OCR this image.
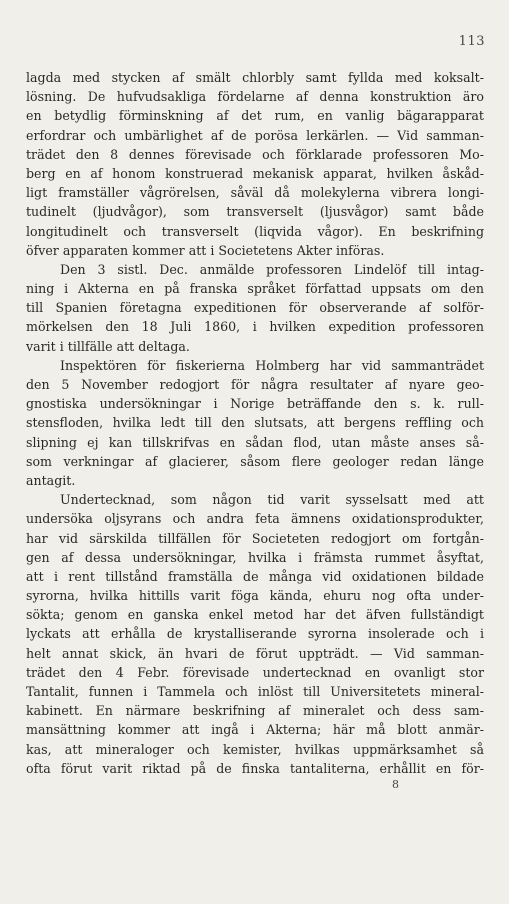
113
lagda med stycken af smält chlorbly samt fyllda med koksalt-
lösning. De hufvudsakliga fördelarne af denna konstruktion äro
en betydlig förminskning af det rum, en vanlig bägarapparat
erfordrar och umbärlighet af de porösa lerkärlen. — Vid samman-
trädet den 8 dennes förevisade och förklarade professoren Mo-
berg en af honom konstruerad mekanisk apparat, hvilken åskåd-
ligt framställer vågrörelsen, såväl då molekylerna vibrera longi-
tudinelt (ljudvågor), som transverselt (ljusvågor) samt både
longitudinelt och transverselt (liqvida vågor). En beskrifning
öfver apparaten kommer att i Societetens Akter införas.
Den 3 sistl. Dec. anmälde professoren Lindelöf till intag-
ning i Akterna en på franska språket författad uppsats om den
till Spanien företagna expeditionen för observerande af solför-
mörkelsen den 18 Juli 1860, i hvilken expedition professoren
varit i tillfälle att deltaga.
Inspektören för fiskerierna Holmberg har vid sammanträdet
den 5 November redogjort för några resultater af nyare geo-
gnostiska undersökningar i Norige beträffande den s. k. rull-
stensfloden, hvilka ledt till den slutsats, att bergens reffling och
slipning ej kan tillskrifvas en sådan flod, utan måste anses så-
som verkningar af glacierer, såsom flere geologer redan länge
antagit.
Undertecknad, som någon tid varit sysselsatt med att
undersöka oljsyrans och andra feta ämnens oxidationsprodukter,
har vid särskilda tillfällen för Societeten redogjort om fortgån-
gen af dessa undersökningar, hvilka i främsta rummet åsyftat,
att i rent tillstånd framställa de många vid oxidationen bildade
syrorna, hvilka hittills varit föga kända, ehuru nog ofta under-
sökta; genom en ganska enkel metod har det äfven fullständigt
lyckats att erhålla de krystalliserande syrorna insolerade och i
helt annat skick, än hvari de förut uppträdt. — Vid samman-
trädet den 4 Febr. förevisade undertecknad en ovanligt stor
Tantalit, funnen i Tammela och inlöst till Universitetets mineral-
kabinett. En närmare beskrifning af mineralet och dess sam-
mansättning kommer att ingå i Akterna; här må blott anmär-
kas, att mineraloger och kemister, hvilkas uppmärksamhet så
ofta förut varit riktad på de finska tantaliterna, erhållit en för-
8
